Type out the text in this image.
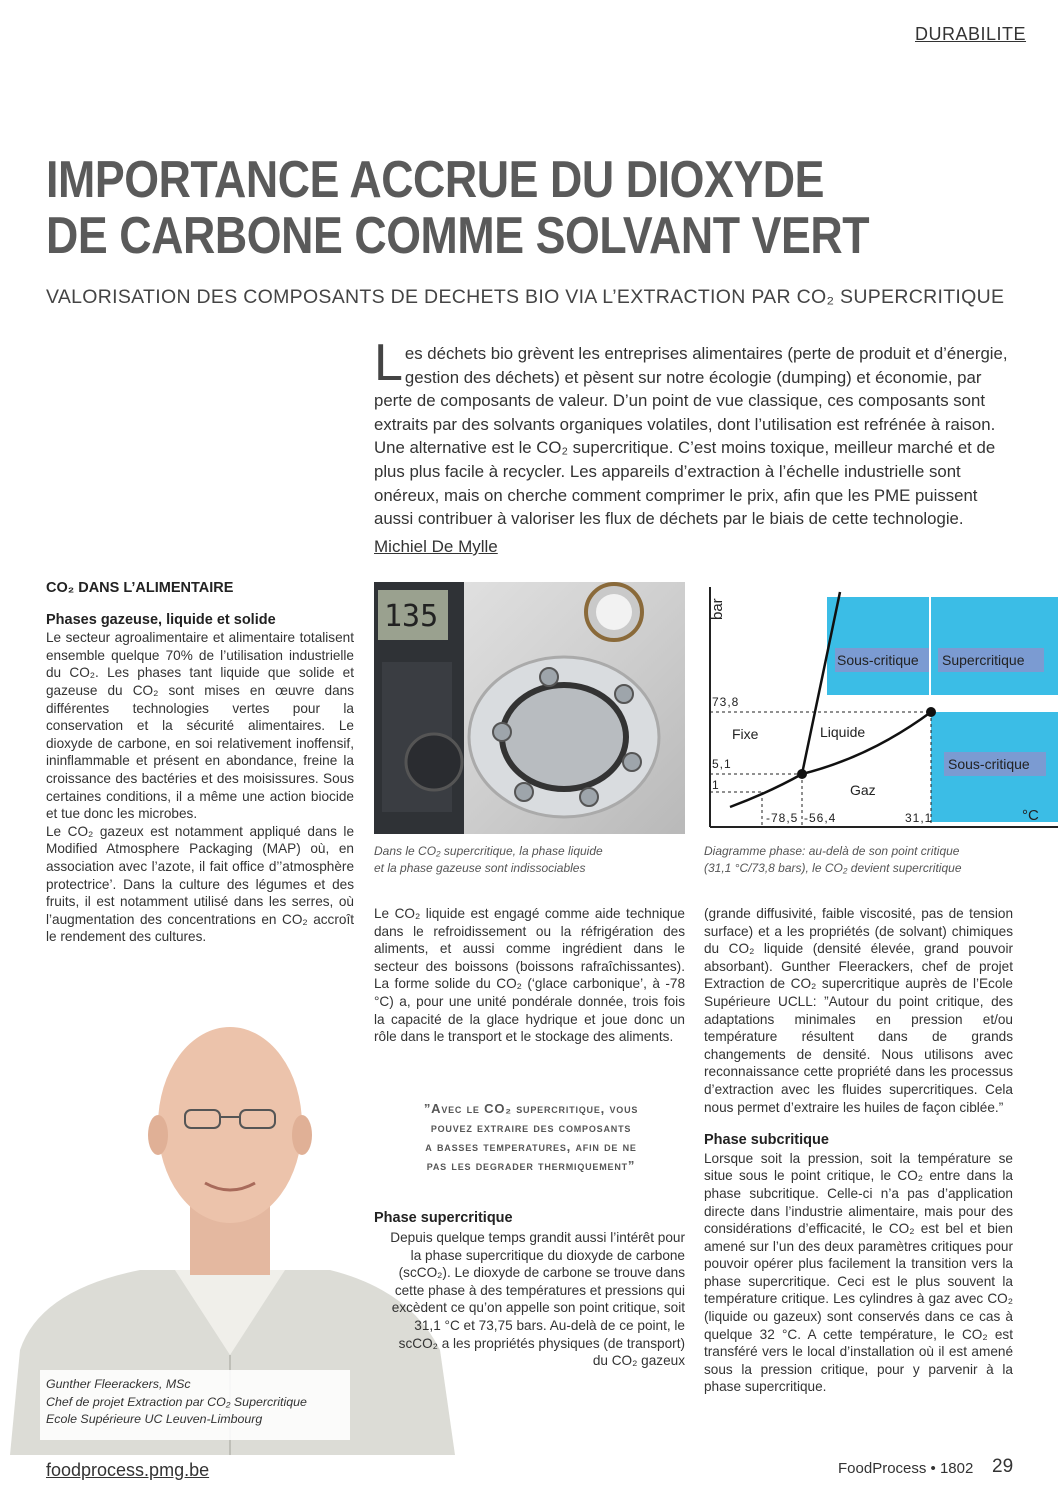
DURABILITE
IMPORTANCE ACCRUE DU DIOXYDE
DE CARBONE COMME SOLVANT VERT
VALORISATION DES COMPOSANTS DE DECHETS BIO VIA L’EXTRACTION PAR CO₂ SUPERCRITIQUE
Les déchets bio grèvent les entreprises alimentaires (perte de produit et d’énergie, gestion des déchets) et pèsent sur notre écologie (dumping) et économie, par perte de composants de valeur. D’un point de vue classique, ces composants sont extraits par des solvants organiques volatiles, dont l’utilisation est refrénée à raison. Une alternative est le CO₂ supercritique. C’est moins toxique, meilleur marché et de plus plus facile à recycler. Les appareils d’extraction à l’échelle industrielle sont onéreux, mais on cherche comment comprimer le prix, afin que les PME puissent aussi contribuer à valoriser les flux de déchets par le biais de cette technologie.
Michiel De Mylle
CO₂ DANS L’ALIMENTAIRE
Phases gazeuse, liquide et solide

Le secteur agroalimentaire et alimentaire totalisent ensemble quelque 70% de l’utilisation industrielle du CO₂. Les phases tant liquide que solide et gazeuse du CO₂ sont mises en œuvre dans différentes technologies vertes pour la conservation et la sécurité alimentaires. Le dioxyde de carbone, en soi relativement inoffensif, ininflammable et présent en abondance, freine la croissance des bactéries et des moisissures. Sous certaines conditions, il a même une action biocide et tue donc les microbes.

Le CO₂ gazeux est notamment appliqué dans le Modified Atmosphere Packaging (MAP) où, en association avec l’azote, il fait office d’’atmosphère protectrice’. Dans la culture des légumes et des fruits, il est notamment utilisé dans les serres, où l’augmentation des concentrations en CO₂ accroît le rendement des cultures.

135
Dans le CO₂ supercritique, la phase liquide
et la phase gazeuse sont indissociables
bar
73,8
5,1
1
-78,5 -56,4	31,1	°C
Sous-critique Supercritique
Sous-critique
Fixe	Liquide
Gaz
Diagramme phase: au-delà de son point critique
(31,1 °C/73,8 bars), le CO₂ devient supercritique

Le CO₂ liquide est engagé comme aide technique dans le refroidissement ou la réfrigération des aliments, et aussi comme ingrédient dans le secteur des boissons (boissons rafraîchissantes). La forme solide du CO₂ (‘glace carbonique’, à -78 °C) a, pour une unité pondérale donnée, trois fois la capacité de la glace hydrique et joue donc un rôle dans le transport et le stockage des aliments.

”Avec le CO₂ supercritique, vous
pouvez extraire des composants
a basses temperatures, afin de ne
pas les degrader thermiquement”
Phase supercritique
Gunther Fleerackers, MSc
Chef de projet Extraction par CO₂ Supercritique
Ecole Supérieure UC Leuven-Limbourg

Depuis quelque temps grandit aussi l’intérêt pour la phase supercritique du dioxyde de carbone (scCO₂). Le dioxyde de carbone se trouve dans cette phase à des températures et pressions qui excèdent ce qu’on appelle son point critique, soit 31,1 °C et 73,75 bars. Au-delà de ce point, le scCO₂ a les propriétés physiques (de transport) du CO₂ gazeux

(grande diffusivité, faible viscosité, pas de tension surface) et a les propriétés (de solvant) chimiques du CO₂ liquide (densité élevée, grand pouvoir absorbant). Gunther Fleerackers, chef de projet Extraction de CO₂ supercritique auprès de l’Ecole Supérieure UCLL: ”Autour du point critique, des adaptations minimales en pression et/ou température résultent dans de grands changements de densité. Nous utilisons avec reconnaissance cette propriété dans les processus d’extraction avec les fluides supercritiques. Cela nous permet d’extraire les huiles de façon ciblée.”

Phase subcritique

Lorsque soit la pression, soit la température se situe sous le point critique, le CO₂ entre dans la phase subcritique. Celle-ci n’a pas d’application directe dans l’industrie alimentaire, mais pour des considérations d’efficacité, le CO₂ est bel et bien amené sur l’un des deux paramètres critiques pour pouvoir opérer plus facilement la transition vers la phase supercritique. Ceci est le plus souvent la température critique. Les cylindres à gaz avec CO₂ (liquide ou gazeux) sont conservés dans ce cas à quelque 32 °C. A cette température, le CO₂ est transféré vers le local d’installation où il est amené sous la pression critique, pour y parvenir à la phase supercritique.

foodprocess.pmg.be	FoodProcess • 1802 29
